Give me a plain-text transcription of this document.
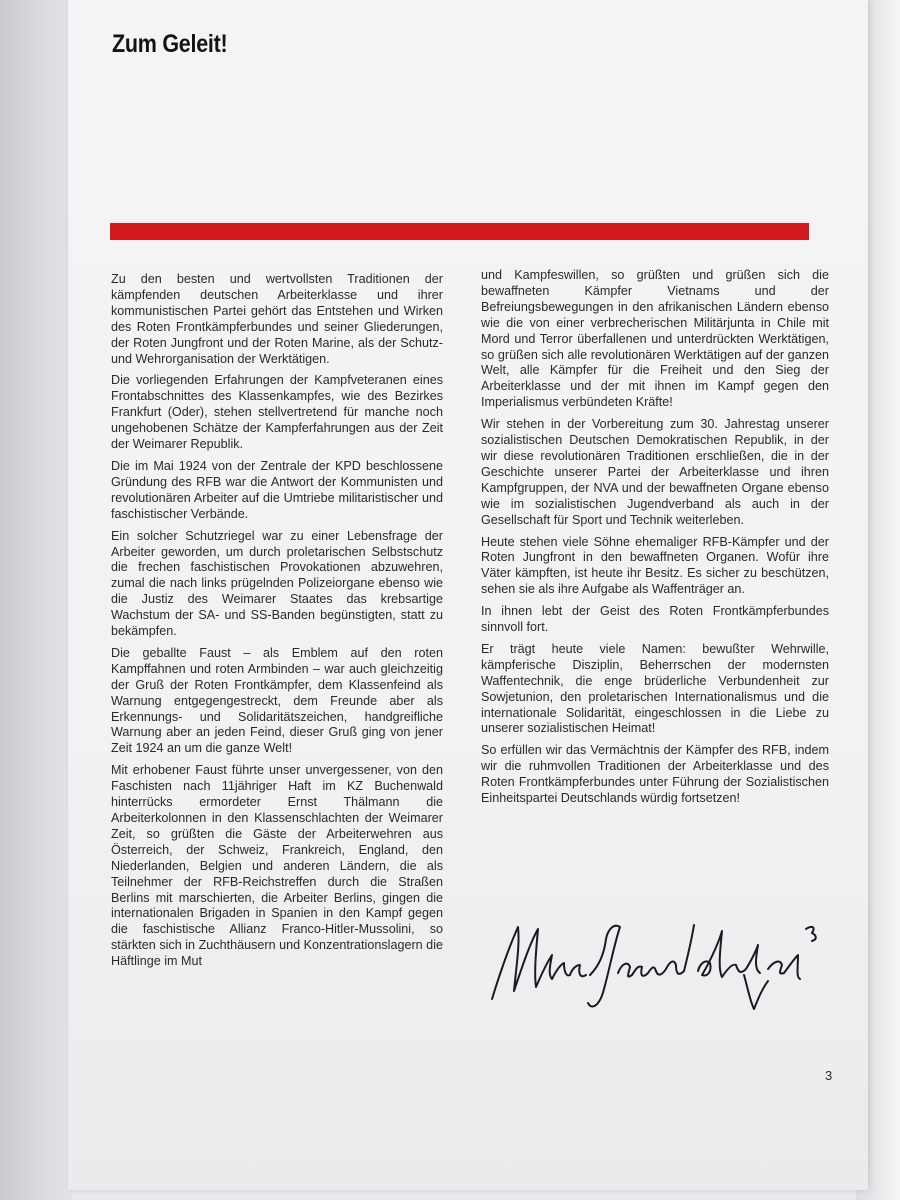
Zum Geleit!

Zu den besten und wertvollsten Traditionen der kämpfenden deutschen Arbeiterklasse und ihrer kommunistischen Partei gehört das Entstehen und Wirken des Roten Frontkämpferbundes und seiner Gliederungen, der Roten Jungfront und der Roten Marine, als der Schutz- und Wehrorganisation der Werktätigen.

Die vorliegenden Erfahrungen der Kampfveteranen eines Frontabschnittes des Klassenkampfes, wie des Bezirkes Frankfurt (Oder), stehen stellvertretend für manche noch ungehobenen Schätze der Kampferfahrungen aus der Zeit der Weimarer Republik.

Die im Mai 1924 von der Zentrale der KPD beschlossene Gründung des RFB war die Antwort der Kommunisten und revolutionären Arbeiter auf die Umtriebe militaristischer und faschistischer Verbände.

Ein solcher Schutzriegel war zu einer Lebensfrage der Arbeiter geworden, um durch proletarischen Selbstschutz die frechen faschistischen Provokationen abzuwehren, zumal die nach links prügelnden Polizeiorgane ebenso wie die Justiz des Weimarer Staates das krebsartige Wachstum der SA- und SS-Banden begünstigten, statt zu bekämpfen.

Die geballte Faust – als Emblem auf den roten Kampffahnen und roten Armbinden – war auch gleichzeitig der Gruß der Roten Frontkämpfer, dem Klassenfeind als Warnung entgegengestreckt, dem Freunde aber als Erkennungs- und Solidaritätszeichen, handgreifliche Warnung aber an jeden Feind, dieser Gruß ging von jener Zeit 1924 an um die ganze Welt!

Mit erhobener Faust führte unser unvergessener, von den Faschisten nach 11jähriger Haft im KZ Buchenwald hinterrücks ermordeter Ernst Thälmann die Arbeiterkolonnen in den Klassenschlachten der Weimarer Zeit, so grüßten die Gäste der Arbeiterwehren aus Österreich, der Schweiz, Frankreich, England, den Niederlanden, Belgien und anderen Ländern, die als Teilnehmer der RFB-Reichstreffen durch die Straßen Berlins mit marschierten, die Arbeiter Berlins, gingen die internationalen Brigaden in Spanien in den Kampf gegen die faschistische Allianz Franco-Hitler-Mussolini, so stärkten sich in Zuchthäusern und Konzentrationslagern die Häftlinge im Mut

und Kampfeswillen, so grüßten und grüßen sich die bewaffneten Kämpfer Vietnams und der Befreiungsbewegungen in den afrikanischen Ländern ebenso wie die von einer verbrecherischen Militärjunta in Chile mit Mord und Terror überfallenen und unterdrückten Werktätigen, so grüßen sich alle revolutionären Werktätigen auf der ganzen Welt, alle Kämpfer für die Freiheit und den Sieg der Arbeiterklasse und der mit ihnen im Kampf gegen den Imperialismus verbündeten Kräfte!

Wir stehen in der Vorbereitung zum 30. Jahrestag unserer sozialistischen Deutschen Demokratischen Republik, in der wir diese revolutionären Traditionen erschließen, die in der Geschichte unserer Partei der Arbeiterklasse und ihren Kampfgruppen, der NVA und der bewaffneten Organe ebenso wie im sozialistischen Jugendverband als auch in der Gesellschaft für Sport und Technik weiterleben.

Heute stehen viele Söhne ehemaliger RFB-Kämpfer und der Roten Jungfront in den bewaffneten Organen. Wofür ihre Väter kämpften, ist heute ihr Besitz. Es sicher zu beschützen, sehen sie als ihre Aufgabe als Waffenträger an.

In ihnen lebt der Geist des Roten Frontkämpferbundes sinnvoll fort.

Er trägt heute viele Namen: bewußter Wehrwille, kämpferische Disziplin, Beherrschen der modernsten Waffentechnik, die enge brüderliche Verbundenheit zur Sowjetunion, den proletarischen Internationalismus und die internationale Solidarität, eingeschlossen in die Liebe zu unserer sozialistischen Heimat!

So erfüllen wir das Vermächtnis der Kämpfer des RFB, indem wir die ruhmvollen Traditionen der Arbeiterklasse und des Roten Frontkämpferbundes unter Führung der Sozialistischen Einheitspartei Deutschlands würdig fortsetzen!

3
